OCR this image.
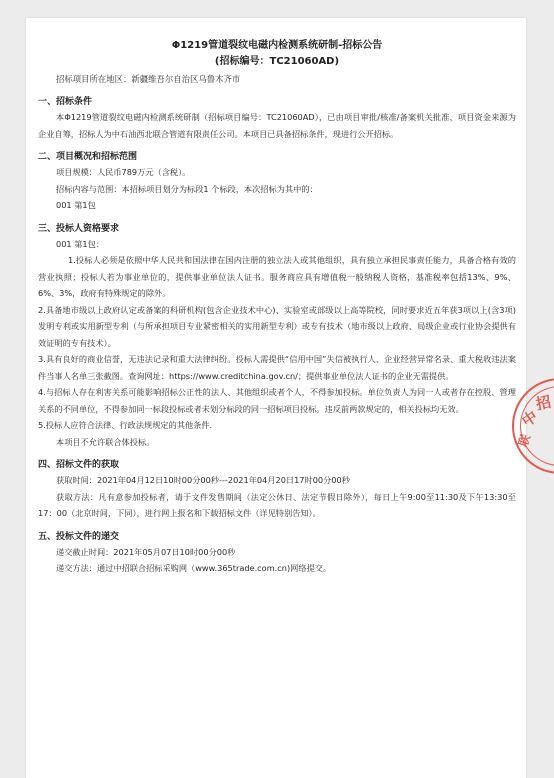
Φ1219管道裂纹电磁内检测系统研制-招标公告
(招标编号：TC21060AD)
招标项目所在地区：新疆维吾尔自治区乌鲁木齐市
一、招标条件
本Φ1219管道裂纹电磁内检测系统研制（招标项目编号：TC21060AD），已由项目审批/核准/备案机关批准，项目资金来源为企业自筹，招标人为中石油西北联合管道有限责任公司。本项目已具备招标条件，现进行公开招标。
二、项目概况和招标范围
项目规模：人民币789万元（含税）。
招标内容与范围：本招标项目划分为标段1 个标段，本次招标为其中的：
001 第1包
三、投标人资格要求
001 第1包：
1.投标人必须是依照中华人民共和国法律在国内注册的独立法人或其他组织，具有独立承担民事责任能力，具备合格有效的营业执照；投标人若为事业单位的，提供事业单位法人证书。服务商应具有增值税一般纳税人资格，基准税率包括13%、9%、6%、3%，政府有特殊规定的除外。
2.具备地市级以上政府认定或备案的科研机构(包含企业技术中心)、实验室或部级以上高等院校，同时要求近五年获3项以上(含3项)发明专利或实用新型专利（与所承担项目专业紧密相关的实用新型专利）或专有技术（地市级以上政府、局级企业或行业协会提供有效证明的专有技术）。
3.具有良好的商业信誉，无违法记录和重大法律纠纷。投标人需提供“信用中国”失信被执行人、企业经营异常名录、重大税收违法案件当事人名单三张截图。查询网址：https://www.creditchina.gov.cn/；提供事业单位法人证书的企业无需提供。
4.与招标人存在利害关系可能影响招标公正性的法人、其他组织或者个人，不得参加投标。单位负责人为同一人或者存在控股、管理关系的不同单位，不得参加同一标段投标或者未划分标段的同一招标项目投标。违反前两款规定的，相关投标均无效。
5.投标人应符合法律、行政法规规定的其他条件.
本项目不允许联合体投标。
四、招标文件的获取
获取时间：2021年04月12日10时00分00秒---2021年04月20日17时00分00秒
获取方法：凡有意参加投标者，请于文件发售期间（法定公休日、法定节假日除外），每日上午9:00至11:30及下午13:30至17：00（北京时间，下同），进行网上报名和下载招标文件（详见特别告知）。
五、投标文件的递交
递交截止时间：2021年05月07日10时00分00秒
递交方法：通过中招联合招标采购网（www.365trade.com.cn)网络提交。
中
招
联
